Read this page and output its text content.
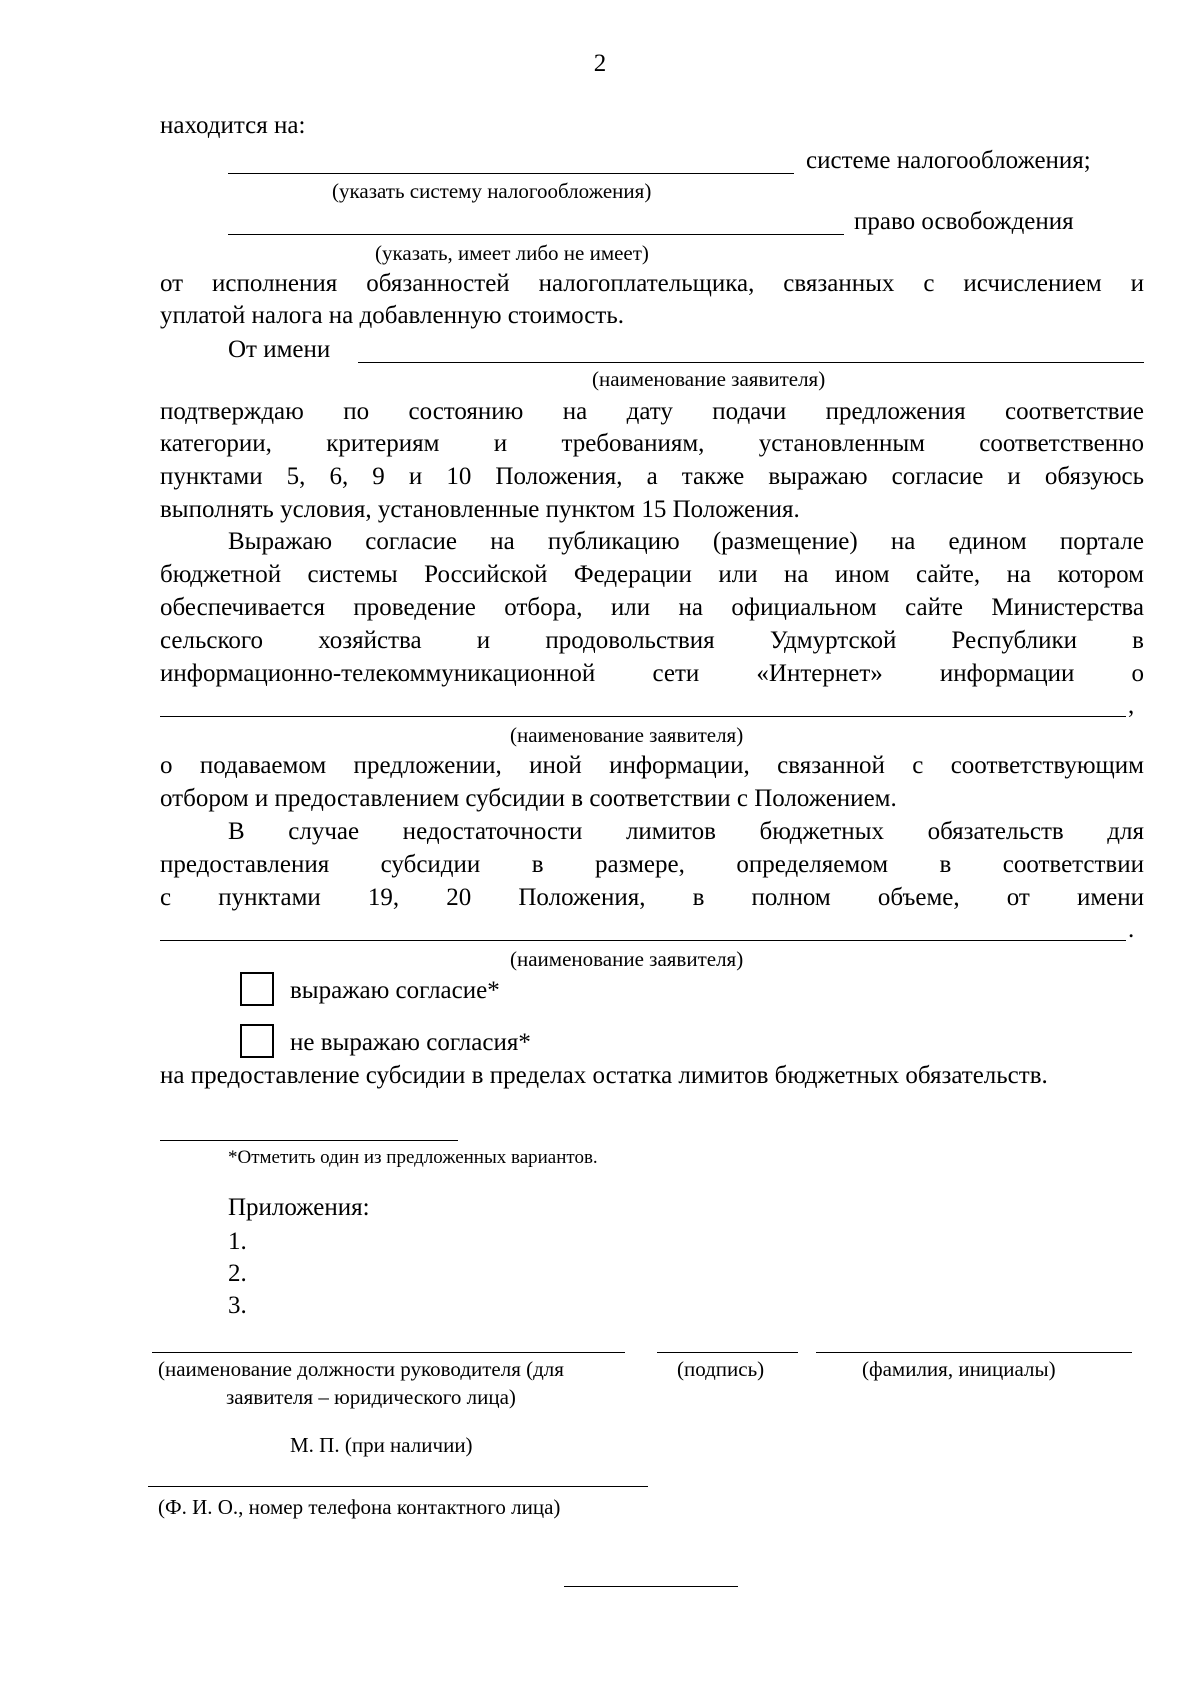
2
находится на:
системе налогообложения;
(указать систему налогообложения)
право освобождения
(указать, имеет либо не имеет)
от исполнения обязанностей налогоплательщика, связанных с исчислением и
уплатой налога на добавленную стоимость.
От имени
(наименование заявителя)
подтверждаю по состоянию на дату подачи предложения соответствие
категории, критериям и требованиям, установленным соответственно
пунктами 5, 6, 9 и 10 Положения, а также выражаю согласие и обязуюсь
выполнять условия, установленные пунктом 15 Положения.
Выражаю согласие на публикацию (размещение) на едином портале
бюджетной системы Российской Федерации или на ином сайте, на котором
обеспечивается проведение отбора, или на официальном сайте Министерства
сельского хозяйства и продовольствия Удмуртской Республики в
информационно-телекоммуникационной сети «Интернет» информации о
,
(наименование заявителя)
о подаваемом предложении, иной информации, связанной с соответствующим
отбором и предоставлением субсидии в соответствии с Положением.
В случае недостаточности лимитов бюджетных обязательств для
предоставления субсидии в размере, определяемом в соответствии
с пунктами 19, 20 Положения, в полном объеме, от имени
.
(наименование заявителя)
выражаю согласие*
не выражаю согласия*
на предоставление субсидии в пределах остатка лимитов бюджетных обязательств.
*Отметить один из предложенных вариантов.
Приложения:
1.
2.
3.
(наименование должности руководителя (для
заявителя – юридического лица)
(подпись)	(фамилия, инициалы)
М. П. (при наличии)
(Ф. И. О., номер телефона контактного лица)
